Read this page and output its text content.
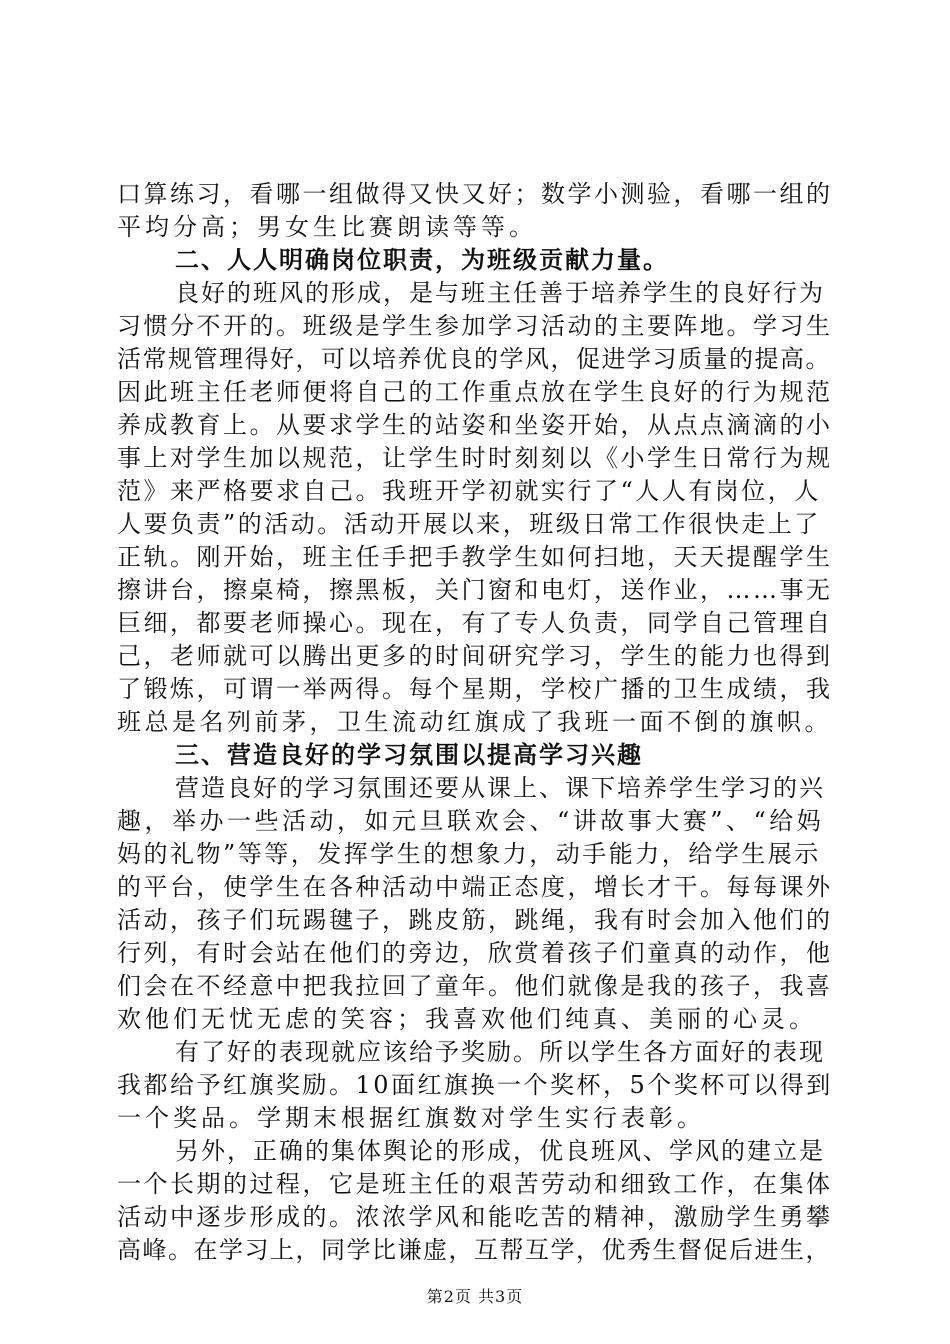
口算练习，看哪一组做得又快又好；数学小测验，看哪一组的
平均分高；男女生比赛朗读等等。
二、人人明确岗位职责，为班级贡献力量。
良好的班风的形成，是与班主任善于培养学生的良好行为
习惯分不开的。班级是学生参加学习活动的主要阵地。学习生
活常规管理得好，可以培养优良的学风，促进学习质量的提高。
因此班主任老师便将自己的工作重点放在学生良好的行为规范
养成教育上。从要求学生的站姿和坐姿开始，从点点滴滴的小
事上对学生加以规范，让学生时时刻刻以《小学生日常行为规
范》来严格要求自己。我班开学初就实行了“人人有岗位，人
人要负责”的活动。活动开展以来，班级日常工作很快走上了
正轨。刚开始，班主任手把手教学生如何扫地，天天提醒学生
擦讲台，擦桌椅，擦黑板，关门窗和电灯，送作业，……事无
巨细，都要老师操心。现在，有了专人负责，同学自己管理自
己，老师就可以腾出更多的时间研究学习，学生的能力也得到
了锻炼，可谓一举两得。每个星期，学校广播的卫生成绩，我
班总是名列前茅，卫生流动红旗成了我班一面不倒的旗帜。
三、营造良好的学习氛围以提高学习兴趣
营造良好的学习氛围还要从课上、课下培养学生学习的兴
趣，举办一些活动，如元旦联欢会、“讲故事大赛”、“给妈
妈的礼物”等等，发挥学生的想象力，动手能力，给学生展示
的平台，使学生在各种活动中端正态度，增长才干。每每课外
活动，孩子们玩踢毽子，跳皮筋，跳绳，我有时会加入他们的
行列，有时会站在他们的旁边，欣赏着孩子们童真的动作，他
们会在不经意中把我拉回了童年。他们就像是我的孩子，我喜
欢他们无忧无虑的笑容；我喜欢他们纯真、美丽的心灵。
有了好的表现就应该给予奖励。所以学生各方面好的表现
我都给予红旗奖励。10面红旗换一个奖杯，5个奖杯可以得到
一个奖品。学期末根据红旗数对学生实行表彰。
另外，正确的集体舆论的形成，优良班风、学风的建立是
一个长期的过程，它是班主任的艰苦劳动和细致工作，在集体
活动中逐步形成的。浓浓学风和能吃苦的精神，激励学生勇攀
高峰。在学习上，同学比谦虚，互帮互学，优秀生督促后进生，
第2页 共3页
